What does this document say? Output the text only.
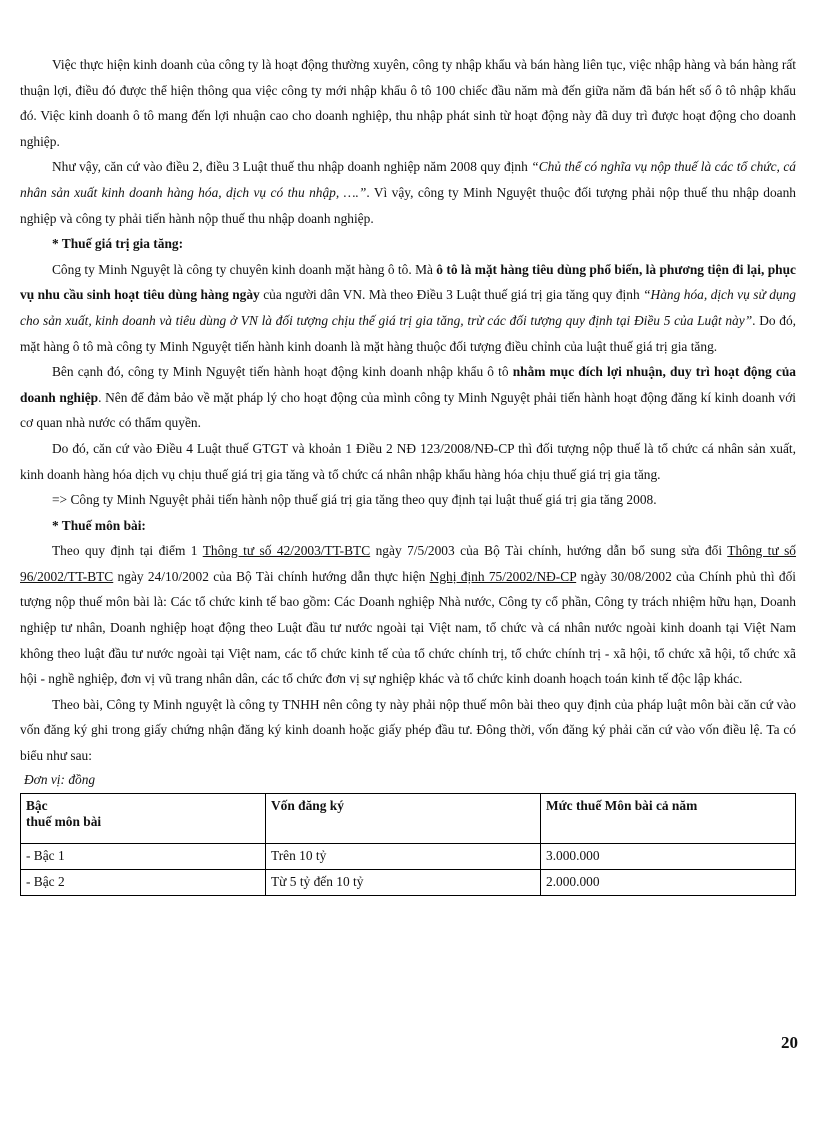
Việc thực hiện kinh doanh của công ty là hoạt động thường xuyên, công ty nhập khẩu và bán hàng liên tục, việc nhập hàng và bán hàng rất thuận lợi, điều đó được thể hiện thông qua việc công ty mới nhập khẩu ô tô 100 chiếc đầu năm mà đến giữa năm đã bán hết số ô tô nhập khẩu đó. Việc kinh doanh ô tô mang đến lợi nhuận cao cho doanh nghiệp, thu nhập phát sinh từ hoạt động này đã duy trì được hoạt động cho doanh nghiệp.

Như vậy, căn cứ vào điều 2, điều 3 Luật thuế thu nhập doanh nghiệp năm 2008 quy định “Chủ thể có nghĩa vụ nộp thuế là các tổ chức, cá nhân sản xuất kinh doanh hàng hóa, dịch vụ có thu nhập, ….”. Vì vậy, công ty Minh Nguyệt thuộc đối tượng phải nộp thuế thu nhập doanh nghiệp và công ty phải tiến hành nộp thuế thu nhập doanh nghiệp.

* Thuế giá trị gia tăng:

Công ty Minh Nguyệt là công ty chuyên kinh doanh mặt hàng ô tô. Mà ô tô là mặt hàng tiêu dùng phổ biến, là phương tiện đi lại, phục vụ nhu cầu sinh hoạt tiêu dùng hàng ngày của người dân VN. Mà theo Điều 3 Luật thuế giá trị gia tăng quy định “Hàng hóa, dịch vụ sử dụng cho sản xuất, kinh doanh và tiêu dùng ở VN là đối tượng chịu thế giá trị gia tăng, trừ các đối tượng quy định tại Điều 5 của Luật này”. Do đó, mặt hàng ô tô mà công ty Minh Nguyệt tiến hành kinh doanh là mặt hàng thuộc đối tượng điều chỉnh của luật thuế giá trị gia tăng.

Bên cạnh đó, công ty Minh Nguyệt tiến hành hoạt động kinh doanh nhập khẩu ô tô nhằm mục đích lợi nhuận, duy trì hoạt động của doanh nghiệp. Nên để đảm bảo về mặt pháp lý cho hoạt động của mình công ty Minh Nguyệt phải tiến hành hoạt động đăng kí kinh doanh với cơ quan nhà nước có thẩm quyền.

Do đó, căn cứ vào Điều 4 Luật thuế GTGT và khoản 1 Điều 2 NĐ 123/2008/NĐ-CP thì đối tượng nộp thuế là tổ chức cá nhân sản xuất, kinh doanh hàng hóa dịch vụ chịu thuế giá trị gia tăng và tổ chức cá nhân nhập khẩu hàng hóa chịu thuế giá trị gia tăng.

=> Công ty Minh Nguyệt phải tiến hành nộp thuế giá trị gia tăng theo quy định tại luật thuế giá trị gia tăng 2008.

* Thuế môn bài:

Theo quy định tại điểm 1 Thông tư số 42/2003/TT-BTC ngày 7/5/2003 của Bộ Tài chính, hướng dẫn bổ sung sửa đổi Thông tư số 96/2002/TT-BTC ngày 24/10/2002 của Bộ Tài chính hướng dẫn thực hiện Nghị định 75/2002/NĐ-CP ngày 30/08/2002 của Chính phủ thì đối tượng nộp thuế môn bài là: Các tổ chức kinh tế bao gồm: Các Doanh nghiệp Nhà nước, Công ty cổ phần, Công ty trách nhiệm hữu hạn, Doanh nghiệp tư nhân, Doanh nghiệp hoạt động theo Luật đầu tư nước ngoài tại Việt nam, tổ chức và cá nhân nước ngoài kinh doanh tại Việt Nam không theo luật đầu tư nước ngoài tại Việt nam, các tổ chức kinh tế của tổ chức chính trị, tổ chức chính trị - xã hội, tổ chức xã hội, tổ chức xã hội - nghề nghiệp, đơn vị vũ trang nhân dân, các tổ chức đơn vị sự nghiệp khác và tổ chức kinh doanh hoạch toán kinh tế độc lập khác.

Theo bài, Công ty Minh nguyệt là công ty TNHH nên công ty này phải nộp thuế môn bài theo quy định của pháp luật môn bài căn cứ vào vốn đăng ký ghi trong giấy chứng nhận đăng ký kinh doanh hoặc giấy phép đầu tư. Đông thời, vốn đăng ký phải căn cứ vào vốn điều lệ. Ta có biểu như sau:

Đơn vị: đồng

Bậc
thuế môn bài	Vốn đăng ký	Mức thuế Môn bài cả năm
- Bậc 1	Trên 10 tỷ	3.000.000
- Bậc 2	Từ 5 tỷ đến 10 tỷ	2.000.000
20
